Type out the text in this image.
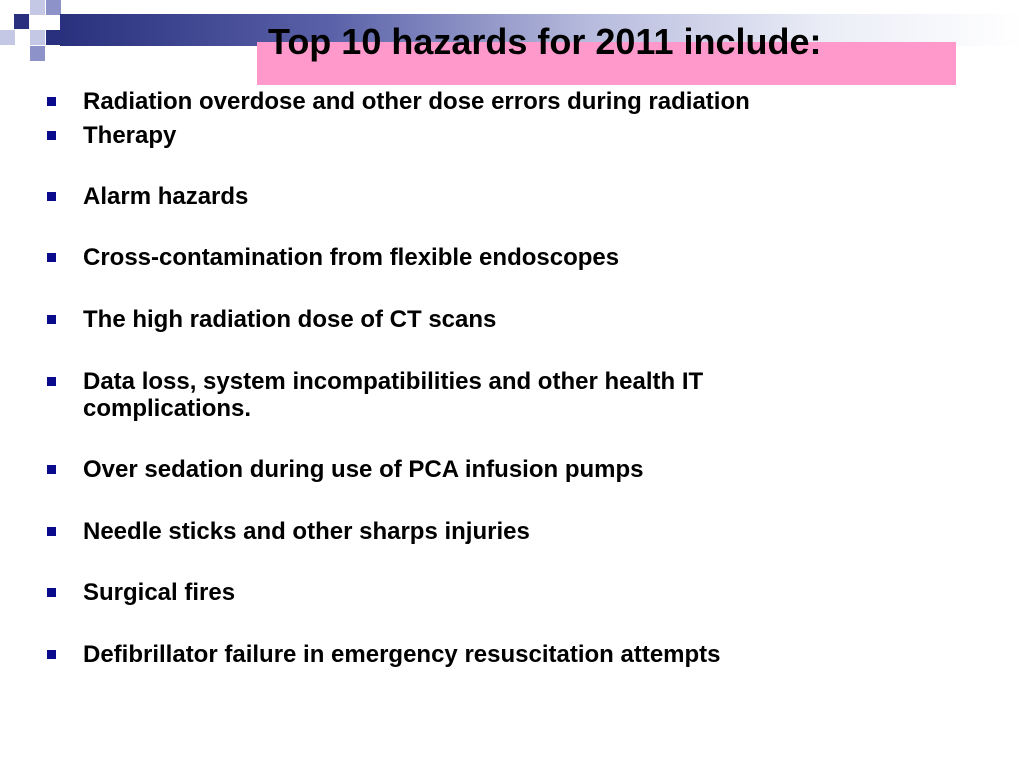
Top 10 hazards for 2011 include:
Radiation overdose and other dose errors during radiation
Therapy
Alarm hazards
Cross-contamination from flexible endoscopes
The high radiation dose of CT scans
Data loss, system incompatibilities and other health IT complications.
Over sedation during use of PCA infusion pumps
Needle sticks and other sharps injuries
Surgical fires
Defibrillator failure in emergency resuscitation attempts
